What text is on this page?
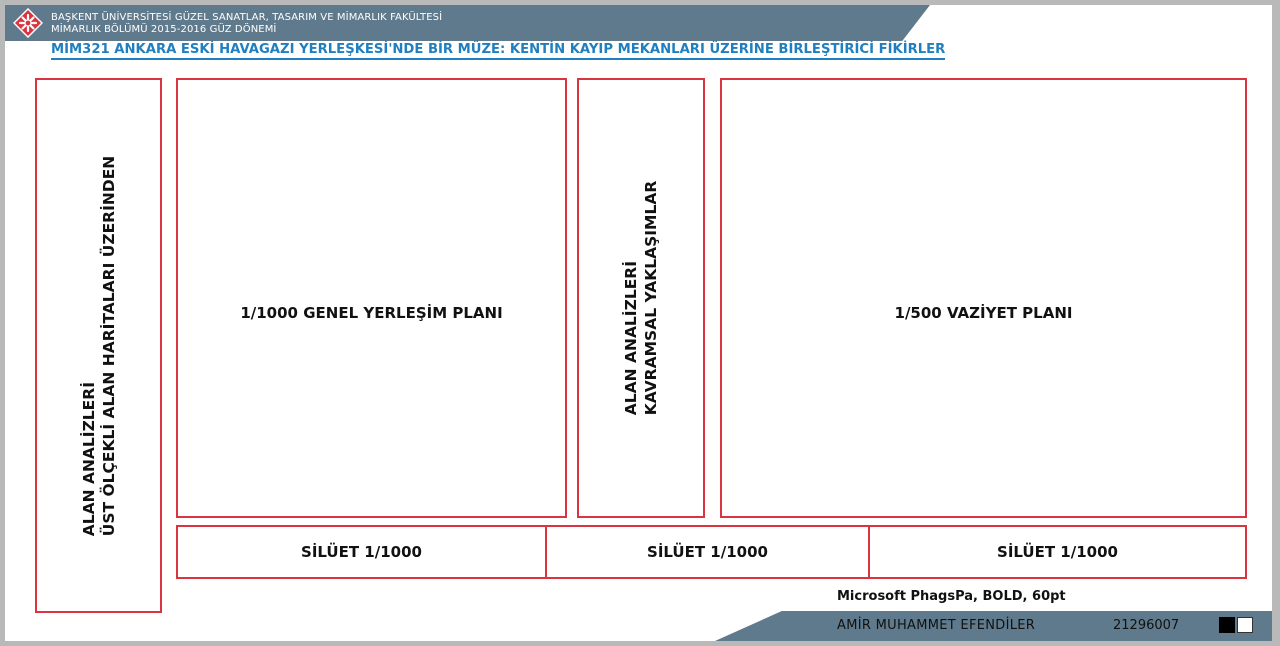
BAŞKENT ÜNİVERSİTESİ GÜZEL SANATLAR, TASARIM VE MİMARLIK FAKÜLTESİ
MİMARLIK BÖLÜMÜ 2015-2016 GÜZ DÖNEMİ
MİM321 ANKARA ESKİ HAVAGAZI YERLEŞKESİ'NDE BİR MÜZE: KENTİN KAYIP MEKANLARI ÜZERİNE BİRLEŞTİRİCİ FİKİRLER
ALAN ANALİZLERİ ÜST ÖLÇEKLİ ALAN HARİTALARI ÜZERİNDEN	1/1000 GENEL YERLEŞİM PLANI	ALAN ANALİZLERİ KAVRAMSAL YAKLAŞIMLAR	1/500 VAZİYET PLANI
SİLÜET 1/1000	SİLÜET 1/1000	SİLÜET 1/1000
Microsoft PhagsPa, BOLD, 60pt
AMİR MUHAMMET EFENDİLER	21296007
